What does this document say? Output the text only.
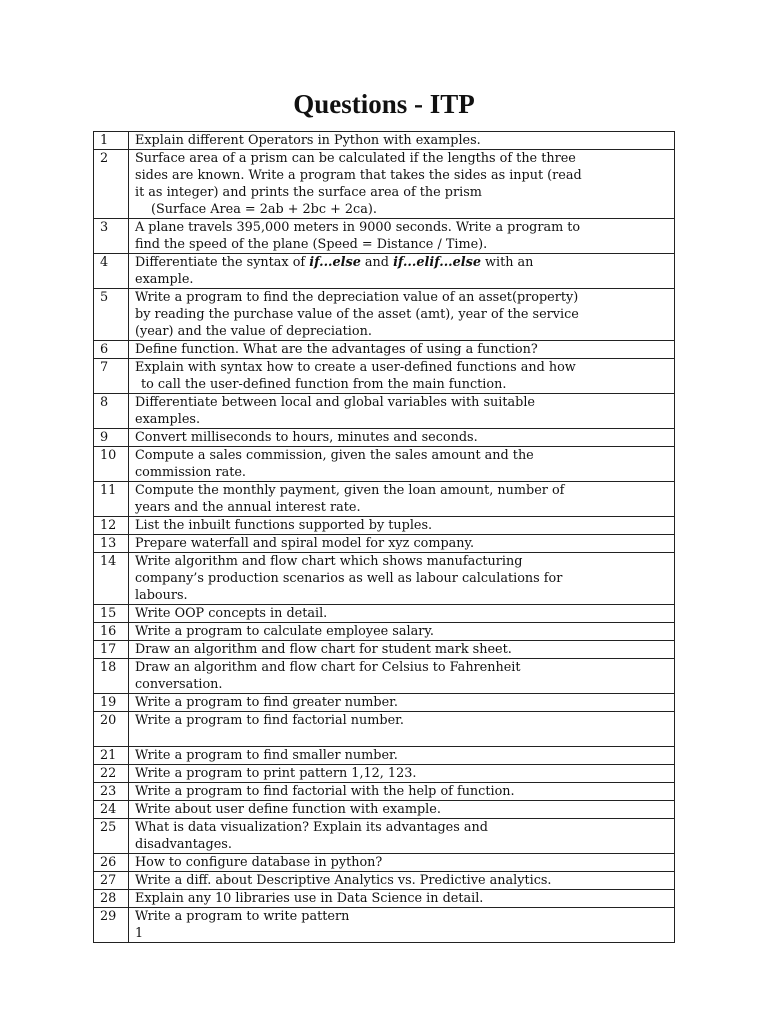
Questions - ITP
1	Explain different Operators in Python with examples.

2	Surface area of a prism can be calculated if the lengths of the three
sides are known. Write a program that takes the sides as input (read
it as integer) and prints the surface area of the prism
(Surface Area = 2ab + 2bc + 2ca).

3	A plane travels 395,000 meters in 9000 seconds. Write a program to
find the speed of the plane (Speed = Distance / Time).

4	Differentiate the syntax of if...else and if...elif...else with an
example.

5	Write a program to find the depreciation value of an asset(property)
by reading the purchase value of the asset (amt), year of the service
(year) and the value of depreciation.

6	Define function. What are the advantages of using a function?

7	Explain with syntax how to create a user-defined functions and how
to call the user-defined function from the main function.

8	Differentiate between local and global variables with suitable
examples.

9	Convert milliseconds to hours, minutes and seconds.

10	Compute a sales commission, given the sales amount and the
commission rate.

11	Compute the monthly payment, given the loan amount, number of
years and the annual interest rate.

12	List the inbuilt functions supported by tuples.

13	Prepare waterfall and spiral model for xyz company.

14	Write algorithm and flow chart which shows manufacturing
company’s production scenarios as well as labour calculations for
labours.

15	Write OOP concepts in detail.

16	Write a program to calculate employee salary.

17	Draw an algorithm and flow chart for student mark sheet.

18	Draw an algorithm and flow chart for Celsius to Fahrenheit
conversation.

19	Write a program to find greater number.

20	Write a program to find factorial number.

21	Write a program to find smaller number.

22	Write a program to print pattern 1,12, 123.

23	Write a program to find factorial with the help of function.

24	Write about user define function with example.

25	What is data visualization? Explain its advantages and
disadvantages.

26	How to configure database in python?

27	Write a diff. about Descriptive Analytics vs. Predictive analytics.

28	Explain any 10 libraries use in Data Science in detail.

29	Write a program to write pattern
1
